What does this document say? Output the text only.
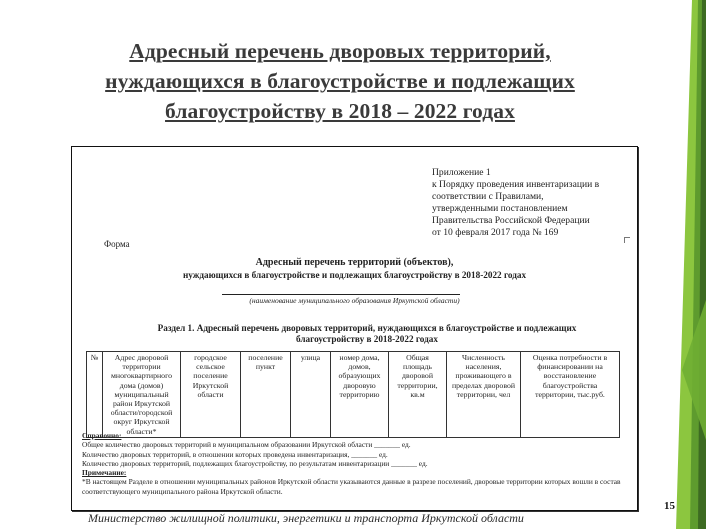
Адресный перечень дворовых территорий,
нуждающихся в благоустройстве и подлежащих
благоустройству в 2018 – 2022 годах
Приложение 1
к Порядку проведения инвентаризации в
соответствии с Правилами,
утвержденными постановлением
Правительства Российской Федерации
от 10 февраля 2017 года № 169
Форма
Адресный перечень территорий (объектов),
нуждающихся в благоустройстве и подлежащих благоустройству в 2018-2022 годах
(наименование муниципального образования Иркутской области)
Раздел 1. Адресный перечень дворовых территорий, нуждающихся в благоустройстве и подлежащих благоустройству в 2018-2022 годах
№	Адрес дворовой территории многоквартирного дома (домов) муниципальный район Иркутской области/городской округ Иркутской области*	городское сельское поселение Иркутской области	поселение пункт	улица	номер дома, домов, образующих дворовую территорию	Общая площадь дворовой территории, кв.м	Численность населения, проживающего в пределах дворовой территории, чел	Оценка потребности в финансировании на восстановление благоустройства территории, тыс.руб.
Справочно:
Общее количество дворовых территорий в муниципальном образовании Иркутской области _______ ед.
Количество дворовых территорий, в отношении которых проведена инвентаризация, _______ ед.
Количество дворовых территорий, подлежащих благоустройству, по результатам инвентаризации _______ ед.
Примечание:
*В настоящем Разделе в отношении муниципальных районов Иркутской области указываются данные в разрезе поселений, дворовые территории которых вошли в состав соответствующего муниципального района Иркутской области.
Министерство жилищной политики, энергетики и транспорта Иркутской области
15
